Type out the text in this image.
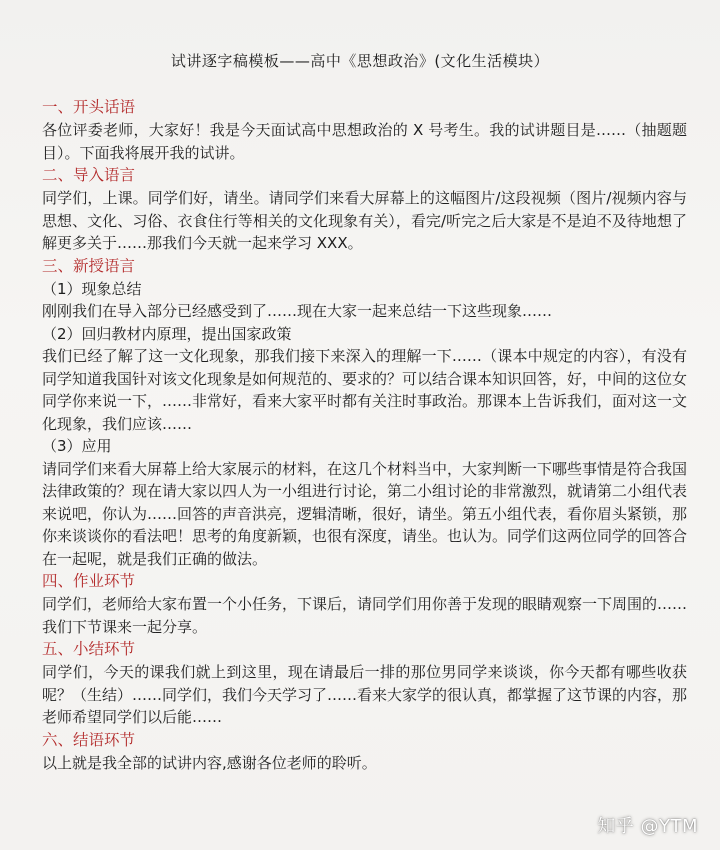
试讲逐字稿模板——高中《思想政治》(文化生活模块）
一、开头话语
各位评委老师，大家好！我是今天面试高中思想政治的 X 号考生。我的试讲题目是……（抽题题目）。下面我将展开我的试讲。
二、导入语言
同学们，上课。同学们好，请坐。请同学们来看大屏幕上的这幅图片/这段视频（图片/视频内容与思想、文化、习俗、衣食住行等相关的文化现象有关），看完/听完之后大家是不是迫不及待地想了解更多关于……那我们今天就一起来学习 XXX。
三、新授语言
（1）现象总结
刚刚我们在导入部分已经感受到了……现在大家一起来总结一下这些现象……
（2）回归教材内原理，提出国家政策
我们已经了解了这一文化现象，那我们接下来深入的理解一下……（课本中规定的内容），有没有同学知道我国针对该文化现象是如何规范的、要求的？可以结合课本知识回答，好，中间的这位女同学你来说一下，……非常好，看来大家平时都有关注时事政治。那课本上告诉我们，面对这一文化现象，我们应该……
（3）应用
请同学们来看大屏幕上给大家展示的材料，在这几个材料当中，大家判断一下哪些事情是符合我国法律政策的？现在请大家以四人为一小组进行讨论，第二小组讨论的非常激烈，就请第二小组代表来说吧，你认为……回答的声音洪亮，逻辑清晰，很好，请坐。第五小组代表，看你眉头紧锁，那你来谈谈你的看法吧！思考的角度新颖，也很有深度，请坐。也认为。同学们这两位同学的回答合在一起呢，就是我们正确的做法。
四、作业环节
同学们，老师给大家布置一个小任务，下课后，请同学们用你善于发现的眼睛观察一下周围的……我们下节课来一起分享。
五、小结环节
同学们，今天的课我们就上到这里，现在请最后一排的那位男同学来谈谈，你今天都有哪些收获呢？（生结）……同学们，我们今天学习了……看来大家学的很认真，都掌握了这节课的内容，那老师希望同学们以后能……
六、结语环节
以上就是我全部的试讲内容,感谢各位老师的聆听。
知乎 @YTM
